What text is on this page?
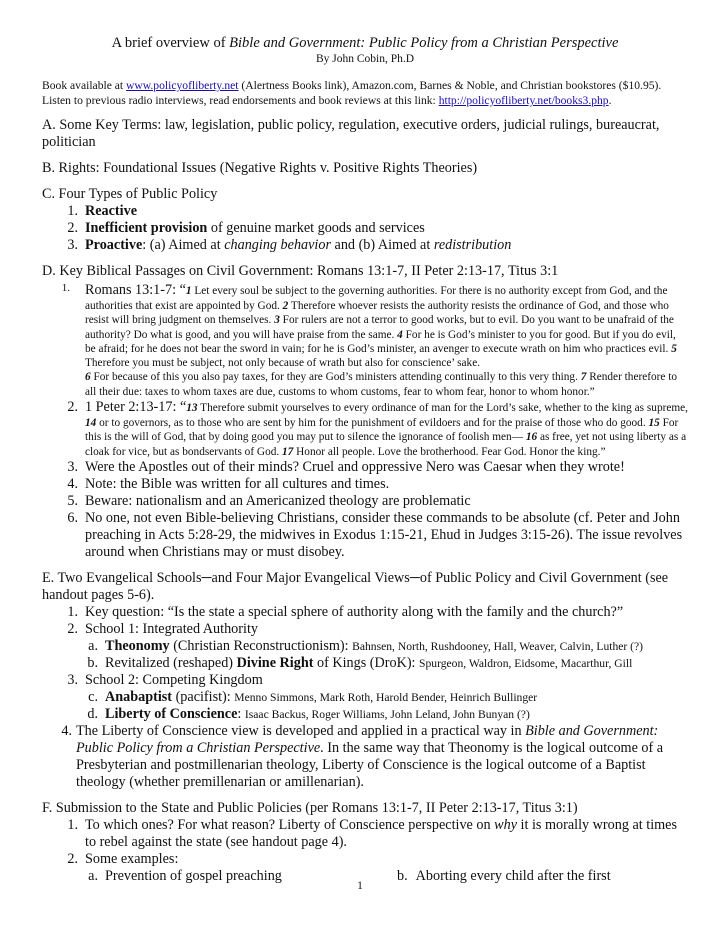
A brief overview of Bible and Government: Public Policy from a Christian Perspective
By John Cobin, Ph.D
Book available at www.policyofliberty.net (Alertness Books link), Amazon.com, Barnes & Noble, and Christian bookstores ($10.95).
Listen to previous radio interviews, read endorsements and book reviews at this link: http://policyofliberty.net/books3.php.
A. Some Key Terms: law, legislation, public policy, regulation, executive orders, judicial rulings, bureaucrat, politician
B. Rights: Foundational Issues (Negative Rights v. Positive Rights Theories)
C. Four Types of Public Policy
1. Reactive
2. Inefficient provision of genuine market goods and services
3. Proactive: (a) Aimed at changing behavior and (b) Aimed at redistribution
D. Key Biblical Passages on Civil Government: Romans 13:1-7, II Peter 2:13-17, Titus 3:1
1.	Romans 13:1-7: “1 Let every soul be subject to the governing authorities. For there is no authority except from God, and the authorities that exist are appointed by God. 2 Therefore whoever resists the authority resists the ordinance of God, and those who resist will bring judgment on themselves. 3 For rulers are not a terror to good works, but to evil. Do you want to be unafraid of the authority? Do what is good, and you will have praise from the same. 4 For he is God’s minister to you for good. But if you do evil, be afraid; for he does not bear the sword in vain; for he is God’s minister, an avenger to execute wrath on him who practices evil. 5 Therefore you must be subject, not only because of wrath but also for conscience’ sake.
6 For because of this you also pay taxes, for they are God’s ministers attending continually to this very thing. 7 Render therefore to all their due: taxes to whom taxes are due, customs to whom customs, fear to whom fear, honor to whom honor.”
2. 1 Peter 2:13-17: “13 Therefore submit yourselves to every ordinance of man for the Lord’s sake, whether to the king as supreme, 14 or to governors, as to those who are sent by him for the punishment of evildoers and for the praise of those who do good. 15 For this is the will of God, that by doing good you may put to silence the ignorance of foolish men— 16 as free, yet not using liberty as a cloak for vice, but as bondservants of God. 17 Honor all people. Love the brotherhood. Fear God. Honor the king.”
3. Were the Apostles out of their minds? Cruel and oppressive Nero was Caesar when they wrote!
4. Note: the Bible was written for all cultures and times.
5. Beware: nationalism and an Americanized theology are problematic
6. No one, not even Bible-believing Christians, consider these commands to be absolute (cf. Peter and John preaching in Acts 5:28-29, the midwives in Exodus 1:15-21, Ehud in Judges 3:15-26). The issue revolves around when Christians may or must disobey.
E. Two Evangelical Schools─and Four Major Evangelical Views─of Public Policy and Civil Government (see handout pages 5-6).
1. Key question: “Is the state a special sphere of authority along with the family and the church?”
2. School 1: Integrated Authority
a. Theonomy (Christian Reconstructionism): Bahnsen, North, Rushdooney, Hall, Weaver, Calvin, Luther (?)
b. Revitalized (reshaped) Divine Right of Kings (DroK): Spurgeon, Waldron, Eidsome, Macarthur, Gill
3. School 2: Competing Kingdom
c. Anabaptist (pacifist): Menno Simmons, Mark Roth, Harold Bender, Heinrich Bullinger
d. Liberty of Conscience: Isaac Backus, Roger Williams, John Leland, John Bunyan (?)
4. The Liberty of Conscience view is developed and applied in a practical way in Bible and Government: Public Policy from a Christian Perspective. In the same way that Theonomy is the logical outcome of a Presbyterian and postmillenarian theology, Liberty of Conscience is the logical outcome of a Baptist theology (whether premillenarian or amillenarian).
F. Submission to the State and Public Policies (per Romans 13:1-7, II Peter 2:13-17, Titus 3:1)
1. To which ones? For what reason? Liberty of Conscience perspective on why it is morally wrong at times to rebel against the state (see handout page 4).
2. Some examples:
a. Prevention of gospel preaching	b. Aborting every child after the first
1
